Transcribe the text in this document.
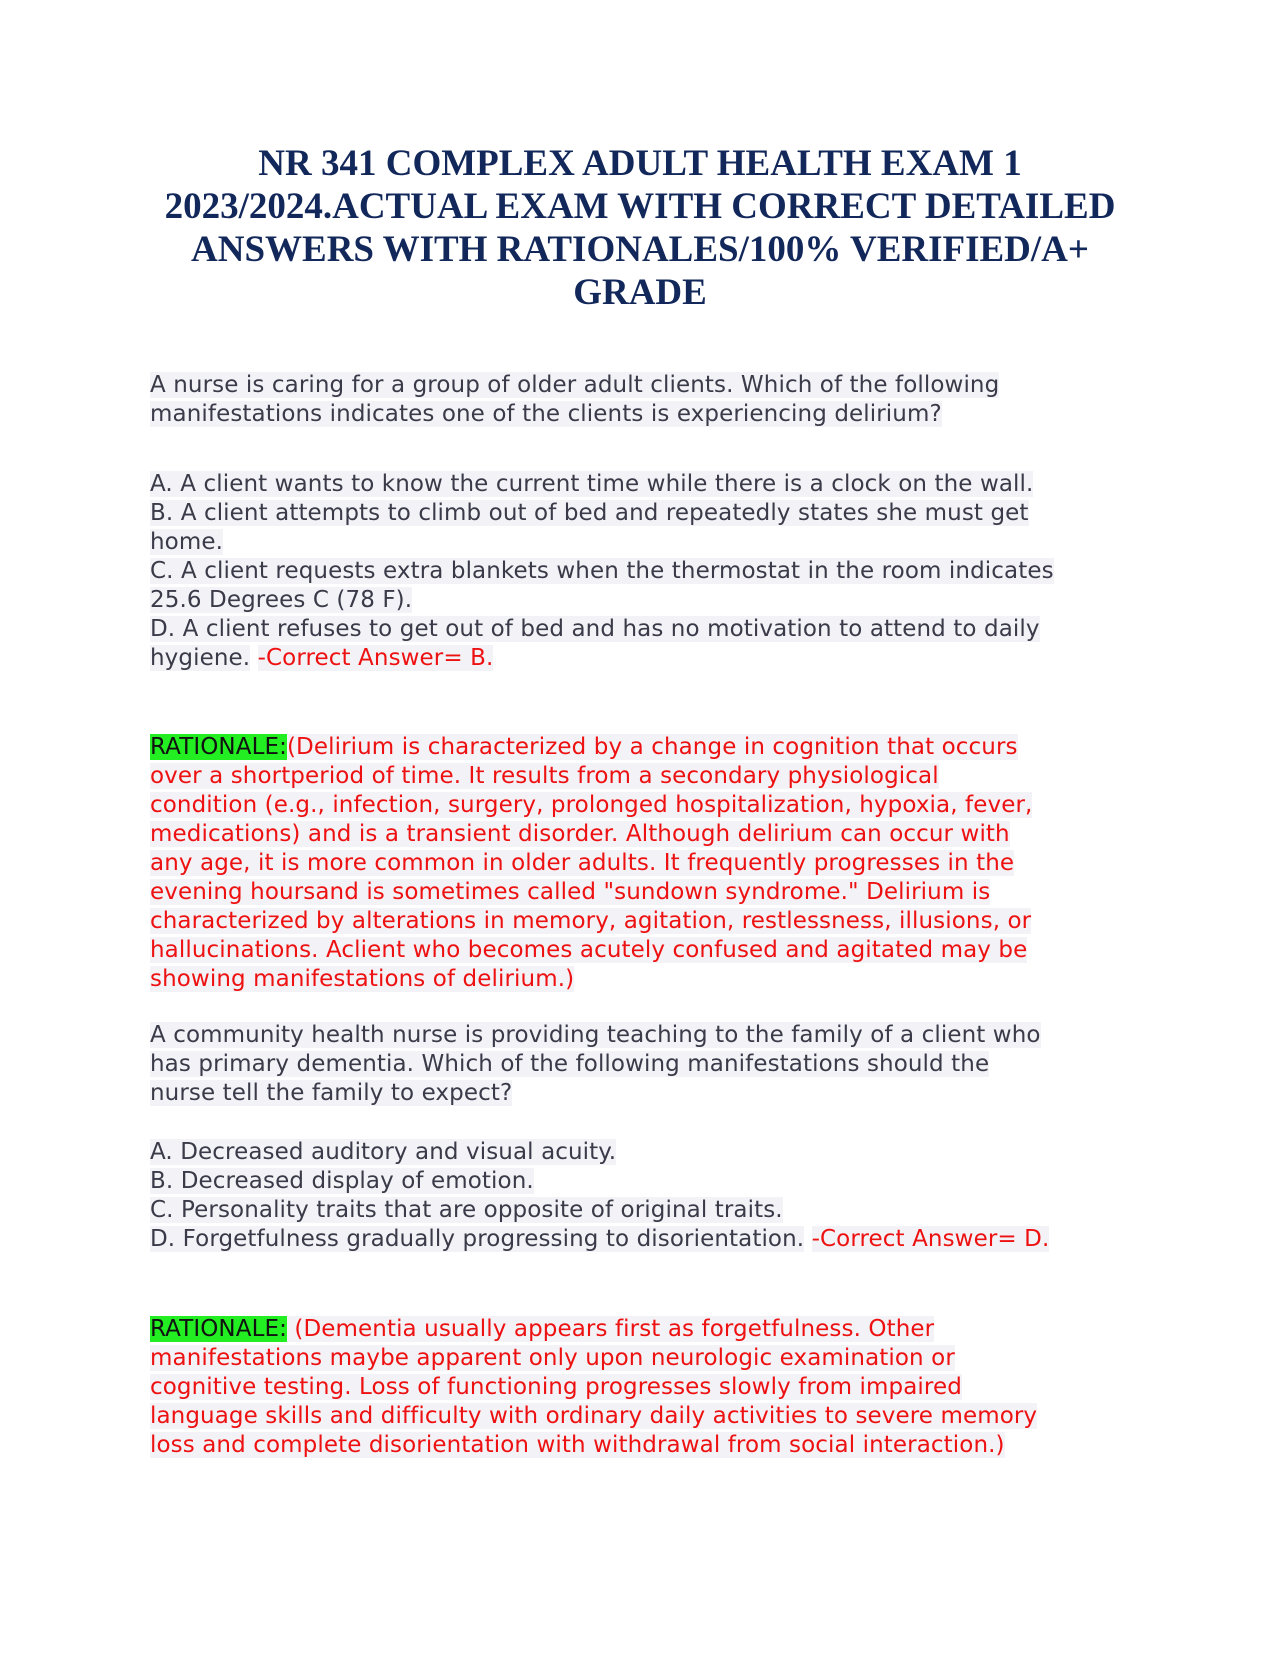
NR 341 COMPLEX ADULT HEALTH EXAM 1
2023/2024.ACTUAL EXAM WITH CORRECT DETAILED
ANSWERS WITH RATIONALES/100% VERIFIED/A+
GRADE
A nurse is caring for a group of older adult clients. Which of the following
manifestations indicates one of the clients is experiencing delirium?
A. A client wants to know the current time while there is a clock on the wall.
B. A client attempts to climb out of bed and repeatedly states she must get
home.
C. A client requests extra blankets when the thermostat in the room indicates
25.6 Degrees C (78 F).
D. A client refuses to get out of bed and has no motivation to attend to daily
hygiene. -Correct Answer= B.
RATIONALE:(Delirium is characterized by a change in cognition that occurs
over a shortperiod of time. It results from a secondary physiological
condition (e.g., infection, surgery, prolonged hospitalization, hypoxia, fever,
medications) and is a transient disorder. Although delirium can occur with
any age, it is more common in older adults. It frequently progresses in the
evening hoursand is sometimes called "sundown syndrome." Delirium is
characterized by alterations in memory, agitation, restlessness, illusions, or
hallucinations. Aclient who becomes acutely confused and agitated may be
showing manifestations of delirium.)
A community health nurse is providing teaching to the family of a client who
has primary dementia. Which of the following manifestations should the
nurse tell the family to expect?
A. Decreased auditory and visual acuity.
B. Decreased display of emotion.
C. Personality traits that are opposite of original traits.
D. Forgetfulness gradually progressing to disorientation. -Correct Answer= D.
RATIONALE: (Dementia usually appears first as forgetfulness. Other
manifestations maybe apparent only upon neurologic examination or
cognitive testing. Loss of functioning progresses slowly from impaired
language skills and difficulty with ordinary daily activities to severe memory
loss and complete disorientation with withdrawal from social interaction.)
